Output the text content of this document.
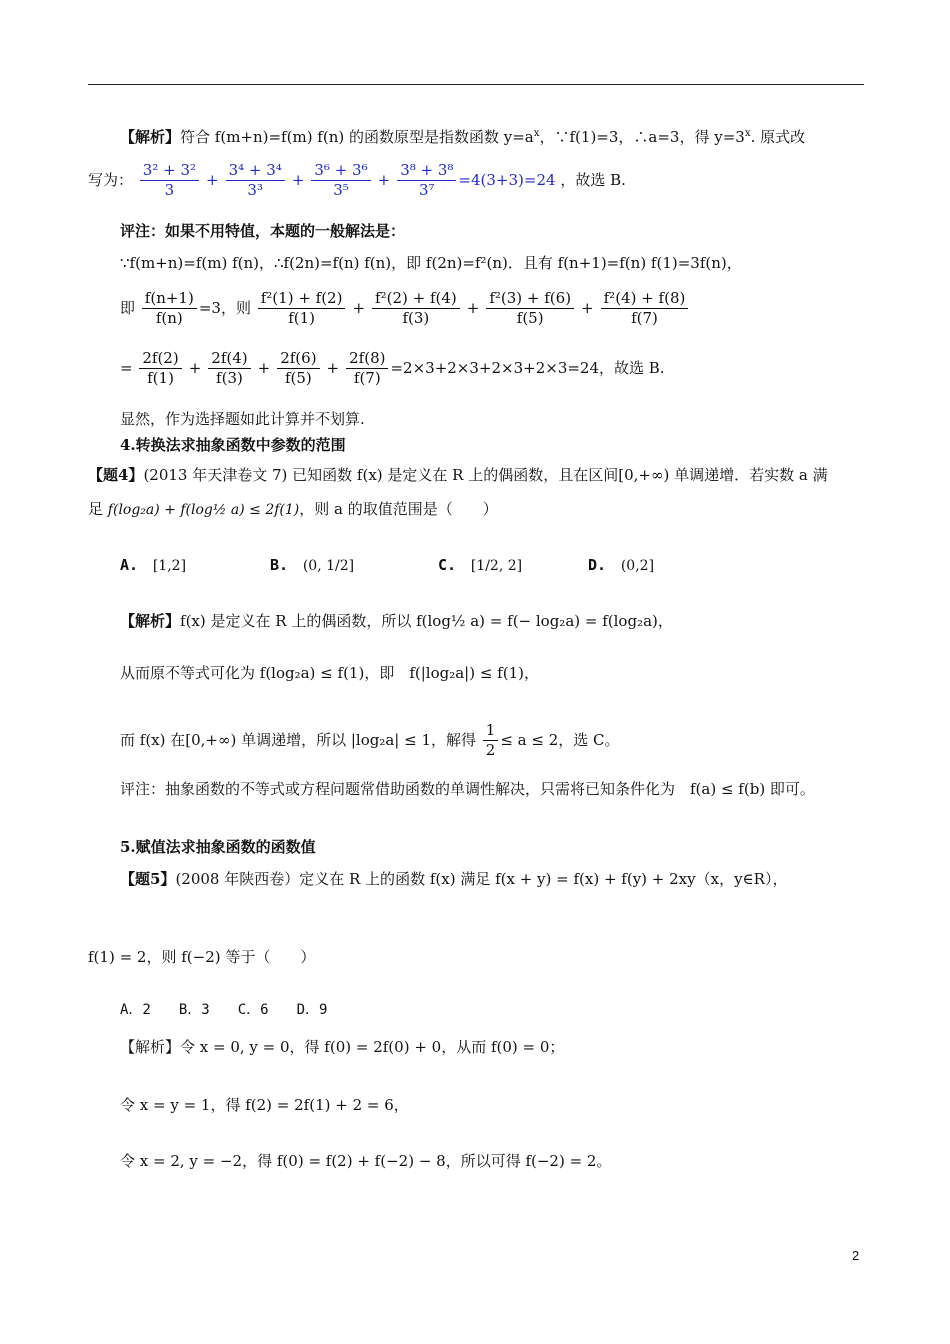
【解析】符合 f(m+n)=f(m) f(n) 的函数原型是指数函数 $y=a^x$，∵f(1)=3，∴a=3，得 $y=3^x$. 原式改
写为： $\frac{\text{3² + 3²}}{3} + \frac{\text{3⁴ + 3⁴}}{\text{3³}} + \frac{\text{3⁶ + 3⁶}}{\text{3⁵}} + \frac{\text{3⁸ + 3⁸}}{\text{3⁷}} =4(3+3)=24$ ，故选 B.
评注：如果不用特值，本题的一般解法是：
∵f(m+n)=f(m) f(n)，∴f(2n)=f(n) f(n)，即 f(2n)=f²(n)．且有 f(n+1)=f(n) f(1)=3f(n)，
即 $\frac{f(n+1)}{f(n)} =3$，则 $\frac{\text{f²(1) + f(2)}}{f(1)} + \frac{\text{f²(2) + f(4)}}{f(3)} + \frac{\text{f²(3) + f(6)}}{f(5)} + \frac{\text{f²(4) + f(8)}}{f(7)}$
= $\frac{2f(2)}{f(1)} + \frac{2f(4)}{f(3)} + \frac{2f(6)}{f(5)} + \frac{2f(8)}{f(7)} =2\times 3+2\times 3+2\times 3+2\times 3=24$，故选 B.
显然，作为选择题如此计算并不划算.
4.转换法求抽象函数中参数的范围
【题4】(2013 年天津卷文 7) 已知函数 f(x) 是定义在 R 上的偶函数，且在区间[0,+∞) 单调递增．若实数 a 满
足 f(log₂a) + f(log½ a) ≤ 2f(1)，则 a 的取值范围是（　　）
A. [1,2]	B. (0, 1/2]	C. [1/2, 2]	D. (0,2]
【解析】f(x) 是定义在 R 上的偶函数，所以 f(log½ a) = f(− log₂a) = f(log₂a)，
从而原不等式可化为 f(log₂a) ≤ f(1)，即　f(|log₂a|) ≤ f(1)，
而 f(x) 在[0,+∞) 单调递增，所以 |log₂a| ≤ 1，解得 $\frac{1}{2} \le a \le 2$，选 C。
评注：抽象函数的不等式或方程问题常借助函数的单调性解决，只需将已知条件化为　f(a) ≤ f(b) 即可。
5.赋值法求抽象函数的函数值
【题5】(2008 年陕西卷）定义在 R 上的函数 f(x) 满足 f(x + y) = f(x) + f(y) + 2xy（x，y∈R），
f(1) = 2，则 f(−2) 等于（　　）
A．2　　B．3　　C．6　　D．9
【解析】令 x = 0, y = 0，得 f(0) = 2f(0) + 0，从而 f(0) = 0；
令 x = y = 1，得 f(2) = 2f(1) + 2 = 6，
令 x = 2, y = −2，得 f(0) = f(2) + f(−2) − 8，所以可得 f(−2) = 2。
2
